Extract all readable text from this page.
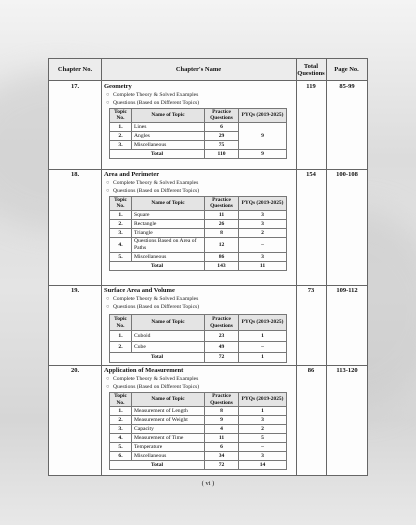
Chapter No.	Chapter's Name	Total Questions	Page No.
17.	Geometry	119	85-99
○ Complete Theory & Solved Examples
○ Questions (Based on Different Topics)
Topic No.	Name of Topic	Practice Questions	PYQs (2019-2025)
1.	Lines	6	9
2.	Angles	29	
3.	Miscellaneous	75	
Total		110	9
18.	Area and Perimeter	154	100-108
○ Complete Theory & Solved Examples
○ Questions (Based on Different Topics)
Topic No.	Name of Topic	Practice Questions	PYQs (2019-2025)
1.	Square	11	3
2.	Rectangle	26	3
3.	Triangle	8	2
4.	Questions Based on Area of Paths	12	–
5.	Miscellaneous	86	3
Total		143	11
19.	Surface Area and Volume	73	109-112
○ Complete Theory & Solved Examples
○ Questions (Based on Different Topics)
Topic No.	Name of Topic	Practice Questions	PYQs (2019-2025)
1.	Cuboid	23	1
2.	Cube	49	–
Total		72	1
20.	Application of Measurement	86	113-120
○ Complete Theory & Solved Examples
○ Questions (Based on Different Topics)
Topic No.	Name of Topic	Practice Questions	PYQs (2019-2025)
1.	Measurement of Length	8	1
2.	Measurement of Weight	9	3
3.	Capacity	4	2
4.	Measurement of Time	11	5
5.	Temperature	6	–
6.	Miscellaneous	34	3
Total		72	14
( vi )
